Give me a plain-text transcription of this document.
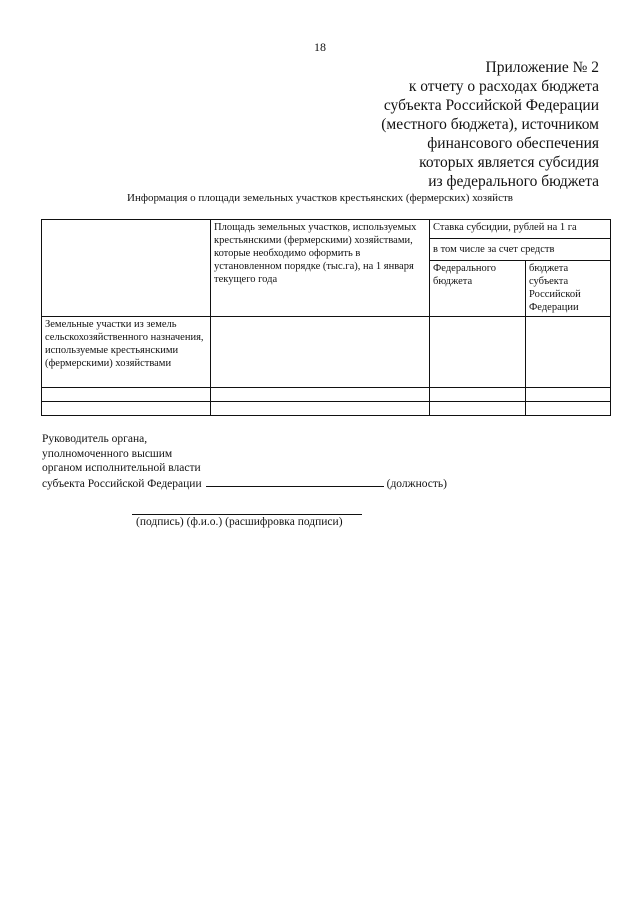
18
Приложение № 2
к отчету о расходах бюджета
субъекта Российской Федерации
(местного бюджета), источником
финансового обеспечения
которых является субсидия
из федерального бюджета
Информация о площади земельных участков крестьянских (фермерских) хозяйств
	Площадь земельных участков, используемых крестьянскими (фермерскими) хозяйствами, которые необходимо оформить в установленном порядке (тыс.га), на 1 января текущего года	Ставка субсидии, рублей на 1 га	
		в том числе за счет средств	
		Федерального бюджета	бюджета субъекта Российской Федерации
Земельные участки из земель сельскохозяйственного назначения, используемые крестьянскими (фермерскими) хозяйствами			

Руководитель органа,
уполномоченного высшим
органом исполнительной власти
субъекта Российской Федерации	(должность)
(подпись) (ф.и.о.) (расшифровка подписи)
